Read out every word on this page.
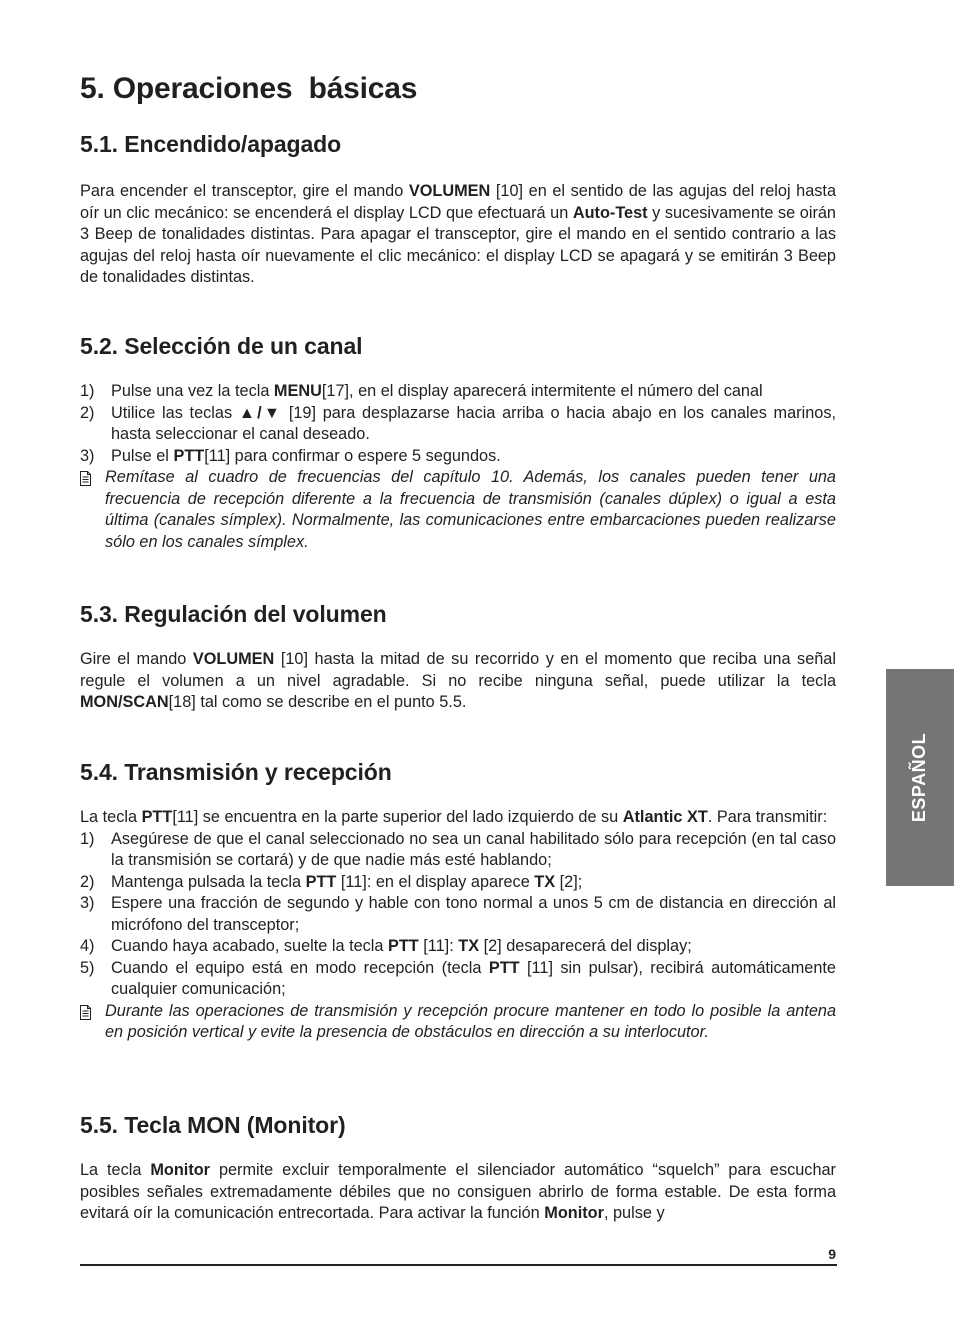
5. Operaciones  básicas
5.1. Encendido/apagado

Para encender el transceptor, gire el mando VOLUMEN [10] en el sentido de las agujas del reloj hasta oír un clic mecánico: se encenderá el display LCD que efectuará un Auto-Test y sucesivamente se oirán 3 Beep de tonalidades distintas. Para apagar el transceptor, gire el mando en el sentido contrario a las agujas del reloj hasta oír nuevamente el clic mecánico: el display LCD se apagará y se emitirán 3 Beep de tonalidades distintas.

5.2. Selección de un canal
1)	Pulse una vez la tecla MENU[17], en el display aparecerá intermitente el número del canal
2)	Utilice las teclas ▲/▼ [19] para desplazarse hacia arriba o hacia abajo en los canales marinos, hasta seleccionar el canal deseado.
3)	Pulse el PTT[11] para confirmar o espere 5 segundos.
Remítase al cuadro de frecuencias del capítulo 10. Además, los canales pueden tener una frecuencia de recepción diferente a la frecuencia de transmisión (canales dúplex) o igual a esta última (canales símplex). Normalmente, las comunicaciones entre embarcaciones pueden realizarse sólo en los canales símplex.
5.3. Regulación del volumen

Gire el mando VOLUMEN [10] hasta la mitad de su recorrido y en el momento que reciba una señal regule el volumen a un nivel agradable. Si no recibe ninguna señal, puede utilizar la tecla MON/SCAN[18] tal como se describe en el punto 5.5.

5.4. Transmisión y recepción

La tecla PTT[11] se encuentra en la parte superior del lado izquierdo de su Atlantic XT. Para transmitir:

1)	Asegúrese de que el canal seleccionado no sea un canal habilitado sólo para recepción (en tal caso la transmisión se cortará) y de que nadie más esté hablando;
2)	Mantenga pulsada la tecla PTT [11]: en el display aparece TX [2];
3)	Espere una fracción de segundo y hable con tono normal a unos 5 cm de distancia en dirección al micrófono del transceptor;
4)	Cuando haya acabado, suelte la tecla PTT [11]: TX [2] desaparecerá del display;
5)	Cuando el equipo está en modo recepción (tecla PTT [11] sin pulsar), recibirá automáticamente cualquier comunicación;
Durante las operaciones de transmisión y recepción procure mantener en todo lo posible la antena en posición vertical y evite la presencia de obstáculos en dirección a su interlocutor.
5.5. Tecla MON (Monitor)

La tecla Monitor permite excluir temporalmente el silenciador automático “squelch” para escuchar posibles señales extremadamente débiles que no consiguen abrirlo de forma estable. De esta forma evitará oír la comunicación entrecortada. Para activar la función Monitor, pulse y

9
ESPAÑOL
